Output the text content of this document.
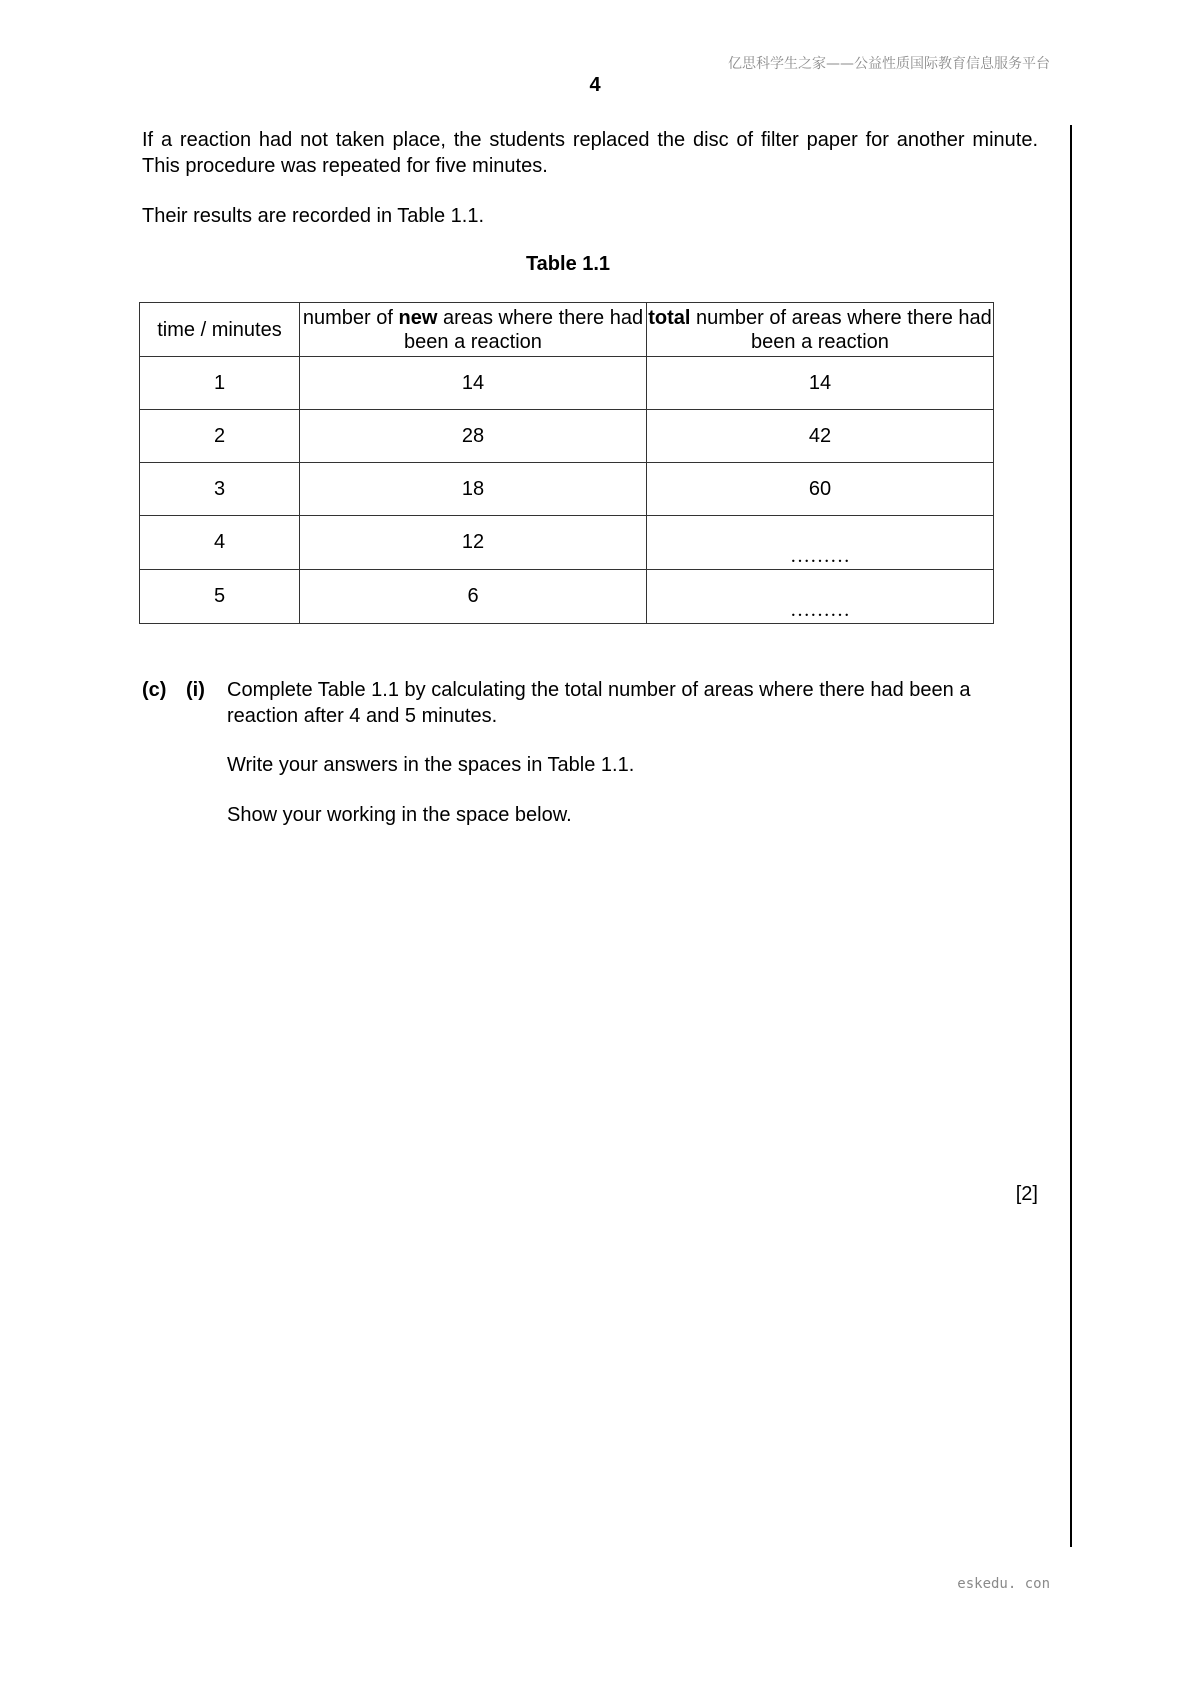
亿思科学生之家——公益性质国际教育信息服务平台
4

If a reaction had not taken place, the students replaced the disc of filter paper for another minute. This procedure was repeated for five minutes.

Their results are recorded in Table 1.1.

Table 1.1
time / minutes	number of new areas where there had been a reaction	total number of areas where there had been a reaction
1	14	14
2	28	42
3	18	60
4	12	………
5	6	………
(c) (i) Complete Table 1.1 by calculating the total number of areas where there had been a reaction after 4 and 5 minutes.

Write your answers in the spaces in Table 1.1.

Show your working in the space below.

[2]
eskedu. con
